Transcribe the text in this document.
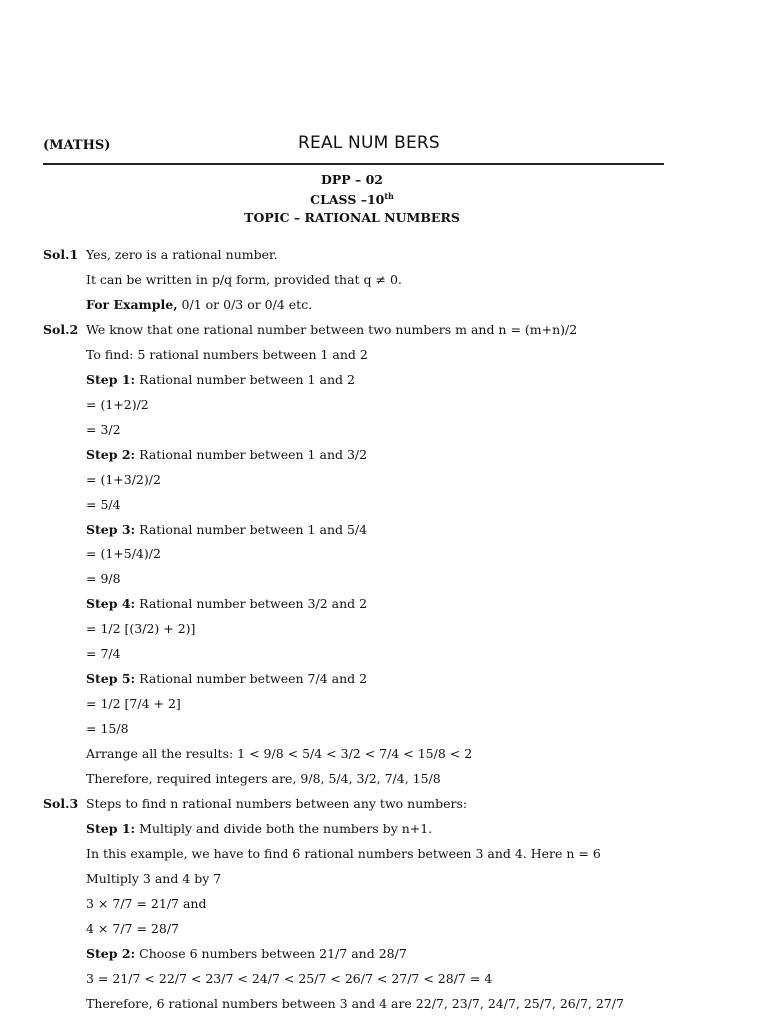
(MATHS)	REAL NUM BERS
DPP – 02
CLASS –10th
TOPIC – RATIONAL NUMBERS
Sol.1 Yes, zero is a rational number.
It can be written in p/q form, provided that q ≠ 0.
For Example, 0/1 or 0/3 or 0/4 etc.
Sol.2 We know that one rational number between two numbers m and n = (m+n)/2
To find: 5 rational numbers between 1 and 2
Step 1: Rational number between 1 and 2
= (1+2)/2
= 3/2
Step 2: Rational number between 1 and 3/2
= (1+3/2)/2
= 5/4
Step 3: Rational number between 1 and 5/4
= (1+5/4)/2
= 9/8
Step 4: Rational number between 3/2 and 2
= 1/2 [(3/2) + 2)]
= 7/4
Step 5: Rational number between 7/4 and 2
= 1/2 [7/4 + 2]
= 15/8
Arrange all the results: 1 < 9/8 < 5/4 < 3/2 < 7/4 < 15/8 < 2
Therefore, required integers are, 9/8, 5/4, 3/2, 7/4, 15/8
Sol.3 Steps to find n rational numbers between any two numbers:
Step 1: Multiply and divide both the numbers by n+1.
In this example, we have to find 6 rational numbers between 3 and 4. Here n = 6
Multiply 3 and 4 by 7
3 × 7/7 = 21/7 and
4 × 7/7 = 28/7
Step 2: Choose 6 numbers between 21/7 and 28/7
3 = 21/7 < 22/7 < 23/7 < 24/7 < 25/7 < 26/7 < 27/7 < 28/7 = 4
Therefore, 6 rational numbers between 3 and 4 are 22/7, 23/7, 24/7, 25/7, 26/7, 27/7
